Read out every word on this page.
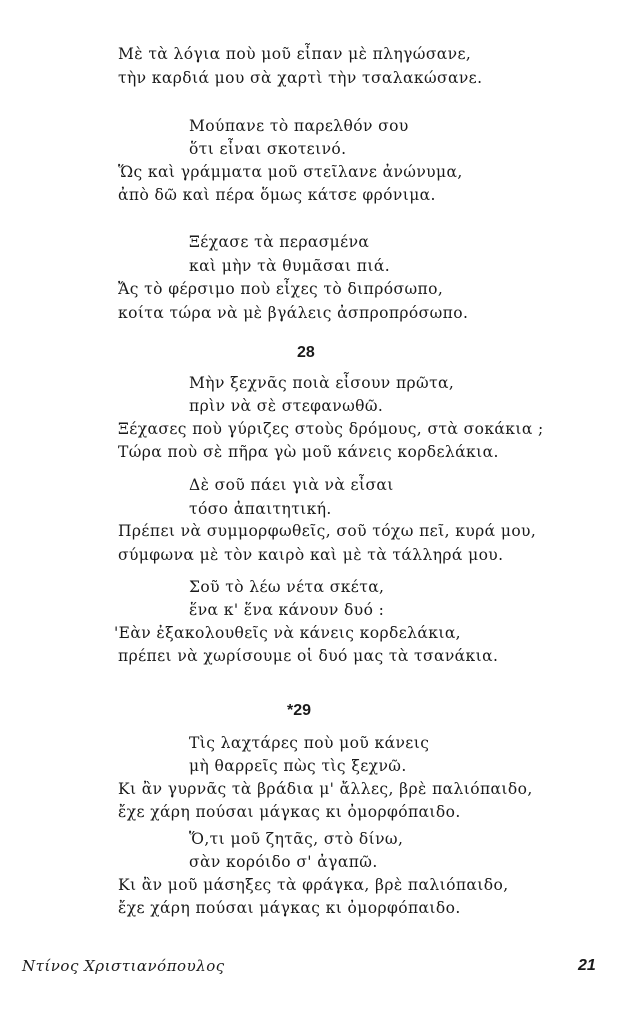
Μὲ τὰ λόγια ποὺ μοῦ εἶπαν μὲ πληγώσανε,
τὴν καρδιά μου σὰ χαρτὶ τὴν τσαλακώσανε.
Μούπανε τὸ παρελθόν σου
ὅτι εἶναι σκοτεινό.
Ὥς καὶ γράμματα μοῦ στεῖλανε ἀνώνυμα,
ἀπὸ δῶ καὶ πέρα ὅμως κάτσε φρόνιμα.
Ξέχασε τὰ περασμένα
καὶ μὴν τὰ θυμᾶσαι πιά.
Ἄς τὸ φέρσιμο ποὺ εἶχες τὸ διπρόσωπο,
κοίτα τώρα νὰ μὲ βγάλεις ἀσπροπρόσωπο.
28
Μὴν ξεχνᾶς ποιὰ εἶσουν πρῶτα,
πρὶν νὰ σὲ στεφανωθῶ.
Ξέχασες ποὺ γύριζες στοὺς δρόμους, στὰ σοκάκια ;
Τώρα ποὺ σὲ πῆρα γὼ μοῦ κάνεις κορδελάκια.
Δὲ σοῦ πάει γιὰ νὰ εἶσαι
τόσο ἀπαιτητική.
Πρέπει νὰ συμμορφωθεῖς, σοῦ τόχω πεῖ, κυρά μου,
σύμφωνα μὲ τὸν καιρὸ καὶ μὲ τὰ τάλληρά μου.
Σοῦ τὸ λέω νέτα σκέτα,
ἕνα κ' ἕνα κάνουν δυό :
'Εὰν ἐξακολουθεῖς νὰ κάνεις κορδελάκια,
πρέπει νὰ χωρίσουμε οἱ δυό μας τὰ τσανάκια.
*29
Τὶς λαχτάρες ποὺ μοῦ κάνεις
μὴ θαρρεῖς πὼς τὶς ξεχνῶ.
Κι ἂν γυρνᾶς τὰ βράδια μ' ἄλλες, βρὲ παλιόπαιδο,
ἔχε χάρη πούσαι μάγκας κι ὀμορφόπαιδο.
Ὅ,τι μοῦ ζητᾶς, στὸ δίνω,
σὰν κορόιδο σ' ἀγαπῶ.
Κι ἂν μοῦ μάσηξες τὰ φράγκα, βρὲ παλιόπαιδο,
ἔχε χάρη πούσαι μάγκας κι ὀμορφόπαιδο.
Ντίνος Χριστιανόπουλος	21
